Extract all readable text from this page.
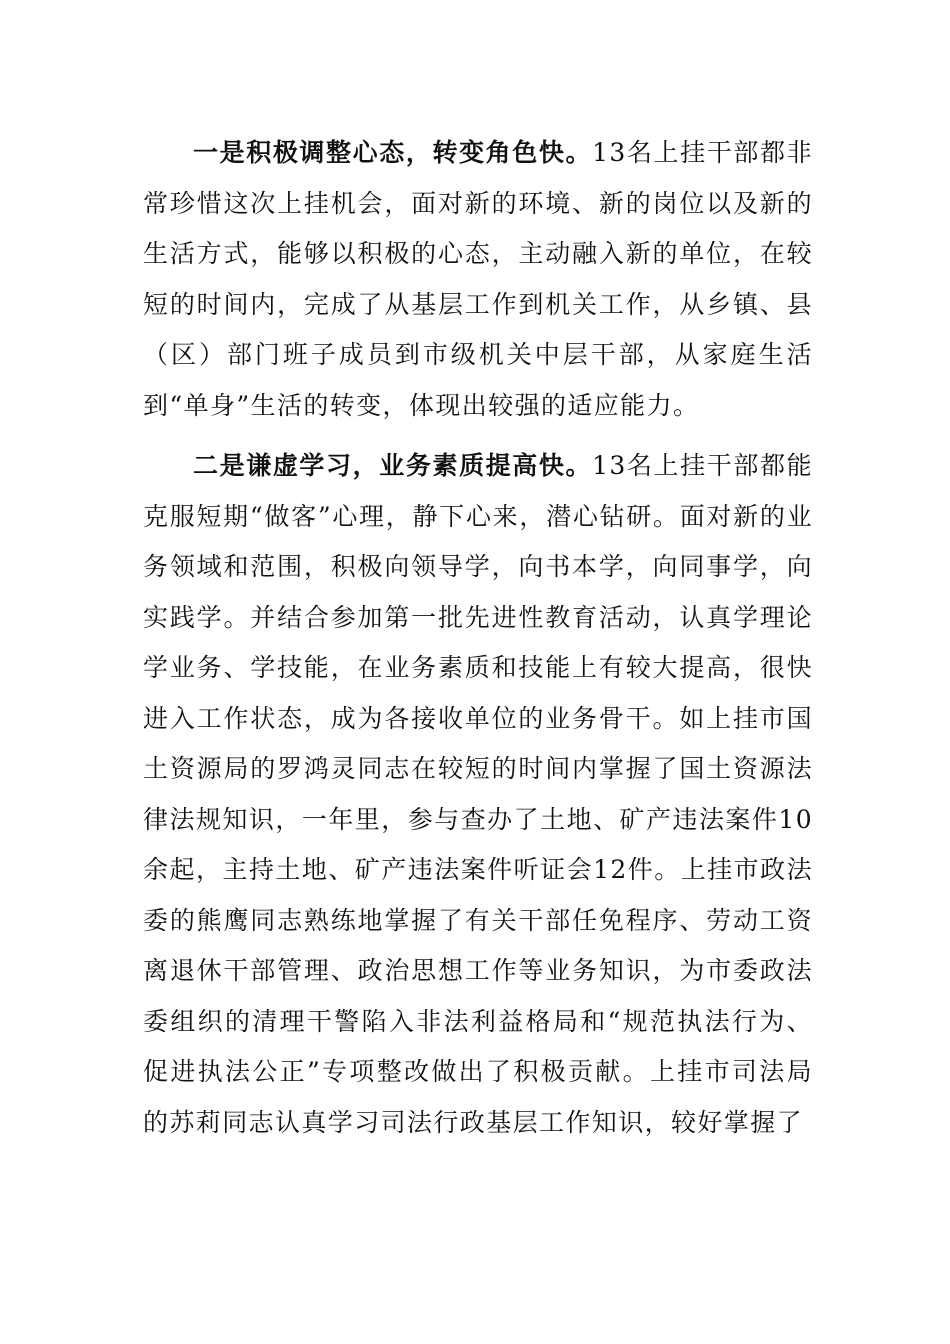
一是积极调整心态，转变角色快。13名上挂干部都非常珍惜这次上挂机会，面对新的环境、新的岗位以及新的生活方式，能够以积极的心态，主动融入新的单位，在较短的时间内，完成了从基层工作到机关工作，从乡镇、县（区）部门班子成员到市级机关中层干部，从家庭生活到“单身”生活的转变，体现出较强的适应能力。

二是谦虚学习，业务素质提高快。13名上挂干部都能克服短期“做客”心理，静下心来，潜心钻研。面对新的业务领域和范围，积极向领导学，向书本学，向同事学，向实践学。并结合参加第一批先进性教育活动，认真学理论学业务、学技能，在业务素质和技能上有较大提高，很快进入工作状态，成为各接收单位的业务骨干。如上挂市国土资源局的罗鸿灵同志在较短的时间内掌握了国土资源法律法规知识，一年里，参与查办了土地、矿产违法案件10余起，主持土地、矿产违法案件听证会12件。上挂市政法委的熊鹰同志熟练地掌握了有关干部任免程序、劳动工资离退休干部管理、政治思想工作等业务知识，为市委政法委组织的清理干警陷入非法利益格局和“规范执法行为、促进执法公正”专项整改做出了积极贡献。上挂市司法局的苏莉同志认真学习司法行政基层工作知识，较好掌握了
